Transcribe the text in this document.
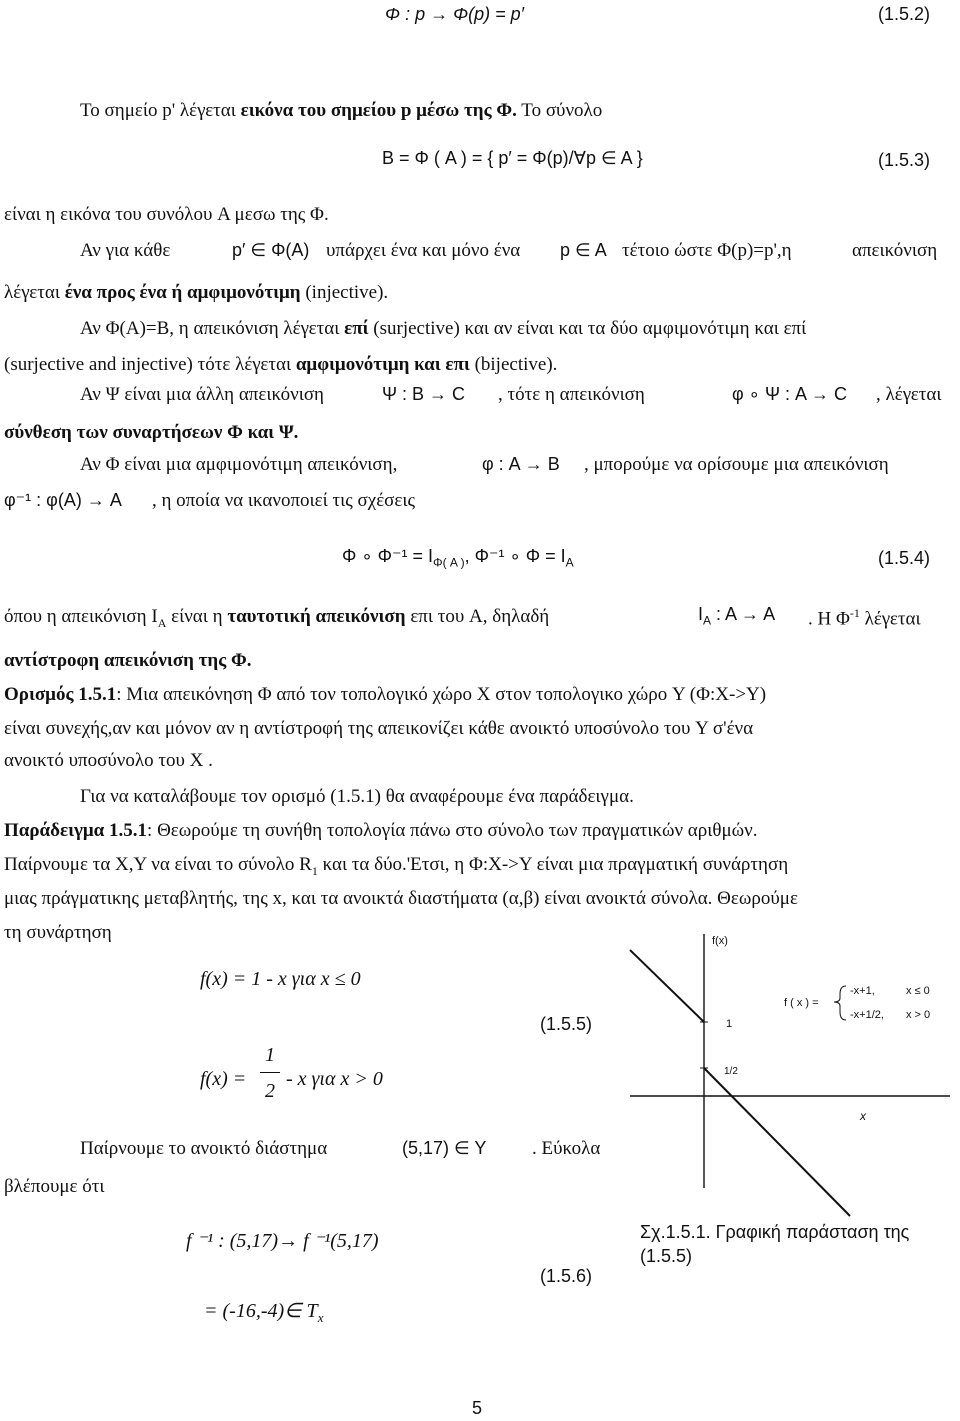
Φ : p → Φ(p) = p′	(1.5.2)
Το σημείο p' λέγεται εικόνα του σημείου p μέσω της Φ. Το σύνολο
B = Φ ( A ) = { p′ = Φ(p)/∀p ∈ A }	(1.5.3)
είναι η εικόνα του συνόλου A μεσω της Φ.
Αν για κάθε	p′ ∈ Φ(A) υπάρχει ένα και μόνο ένα p ∈ A τέτοιο ώστε Φ(p)=p',η	απεικόνιση
λέγεται ένα προς ένα ή αμφιμονότιμη (injective).
Αν Φ(A)=B, η απεικόνιση λέγεται επί (surjective) και αν είναι και τα δύο αμφιμονότιμη και επί
(surjective and injective) τότε λέγεται αμφιμονότιμη και επι (bijective).
Αν Ψ είναι μια άλλη απεικόνιση	Ψ : B → C , τότε η απεικόνιση	φ ∘ Ψ : A → C , λέγεται
σύνθεση των συναρτήσεων Φ και Ψ.
Αν Φ είναι μια αμφιμονότιμη απεικόνιση,	φ : A → B , μπορούμε να ορίσουμε μια απεικόνιση
φ⁻¹ : φ(A) → A , η οποία να ικανοποιεί τις σχέσεις
Φ ∘ $\Phi^{-1} = I_{\Phi( A )}$, Φ⁻¹ ∘ $\Phi = I_A$	(1.5.4)
όπου η απεικόνιση $I_A$ είναι η ταυτοτική απεικόνιση επι του A, δηλαδή	$I_A$ : A → A . Η $\Phi^{-1}$ λέγεται
αντίστροφη απεικόνιση της Φ.
Ορισμός 1.5.1: Μια απεικόνηση Φ από τον τοπολογικό χώρο X στον τοπολογικο χώρο Y (Φ:X->Y)
είναι συνεχής,αν και μόνον αν η αντίστροφή της απεικονίζει κάθε ανοικτό υποσύνολο του Y σ'ένα
ανοικτό υποσύνολο του X .
Για να καταλάβουμε τον ορισμό (1.5.1) θα αναφέρουμε ένα παράδειγμα.
Παράδειγμα 1.5.1: Θεωρούμε τη συνήθη τοπολογία πάνω στο σύνολο των πραγματικών αριθμών.
Παίρνουμε τα X,Y να είναι το σύνολο $R_1$ και τα δύο.'Ετσι, η Φ:X->Y είναι μια πραγματική συνάρτηση
μιας πράγματικης μεταβλητής, της x, και τα ανοικτά διαστήματα (α,β) είναι ανοικτά σύνολα. Θεωρούμε
τη συνάρτηση
f(x) = 1 - x για x ≤ 0
(1.5.5)
f(x) =
1
2
- x για x > 0
Παίρνουμε το ανοικτό διάστημα	(5,17) ∈ Y . Εύκολα
βλέπουμε ότι
f ⁻¹ : (5,17)→ f ⁻¹(5,17)
(1.5.6)
= (-16,-4)∈ $T_x$
f(x)
x
1
1/2
f ( x ) =
-x+1,	x ≤ 0
-x+1/2, x > 0
Σχ.1.5.1. Γραφική παράσταση της
(1.5.5)
5
